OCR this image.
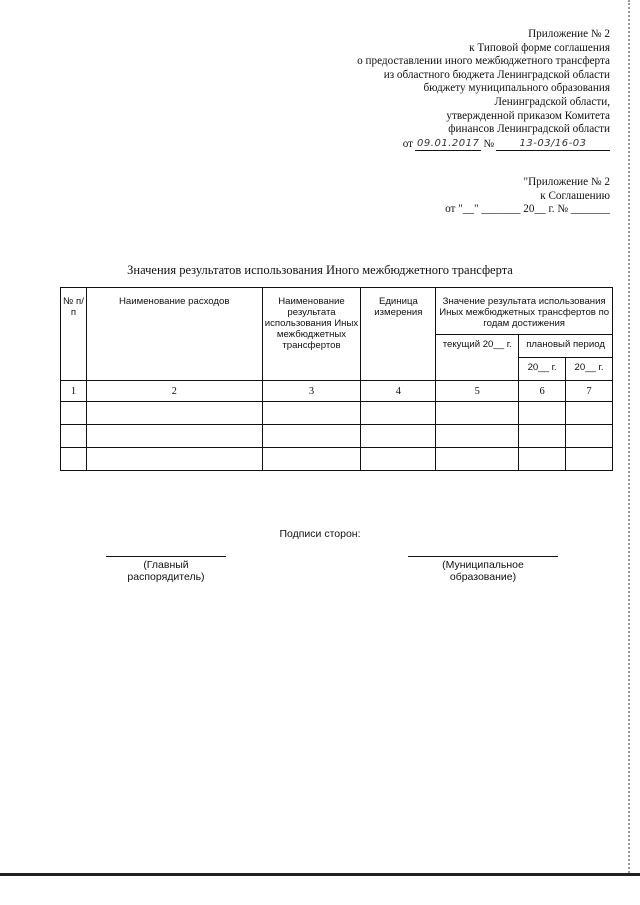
Приложение № 2
к Типовой форме соглашения
о предоставлении иного межбюджетного трансферта
из областного бюджета Ленинградской области
бюджету муниципального образования
Ленинградской области,
утвержденной приказом Комитета
финансов Ленинградской области
от 09.01.2017 №	13-03/16-03
"Приложение № 2
к Соглашению
от "__" _______ 20__ г. № _______
Значения результатов использования Иного межбюджетного трансферта
№ п/п	Наименование расходов	Наименование результата использования Иных межбюджетных трансфертов	Единица измерения	Значение результата использования Иных межбюджетных трансфертов по годам достижения		
				текущий 20__ г.	плановый период	
					20__ г.	20__ г.
1	2	3	4	5	6	7

Подписи сторон:
(Главный распорядитель)
(Муниципальное образование)
